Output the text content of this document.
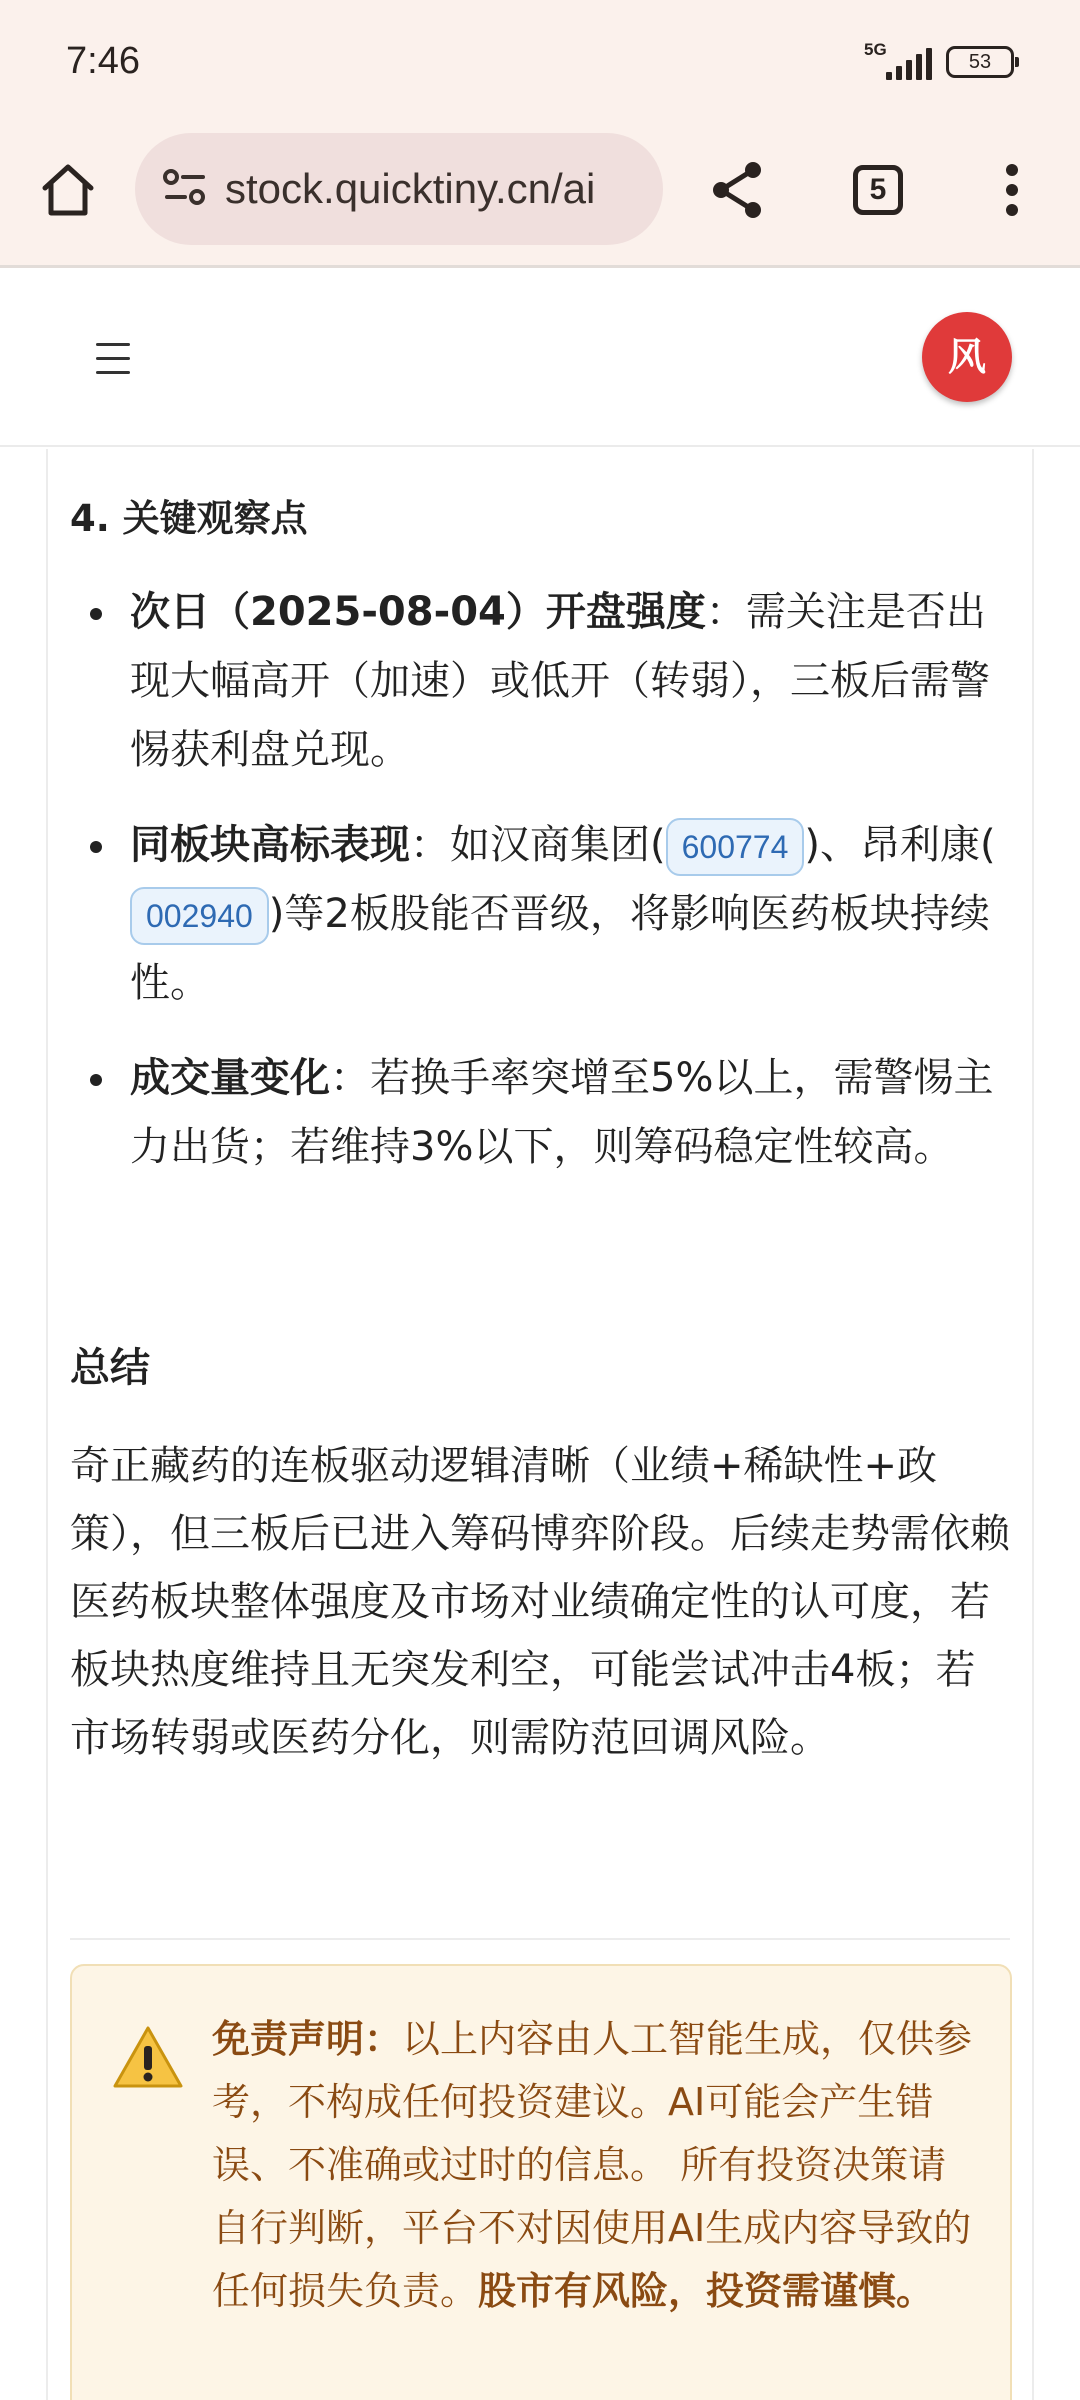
7:46	5G
53
stock.quicktiny.cn/ai	5
风
4. 关键观察点
次日（2025-08-04）开盘强度：需关注是否出现大幅高开（加速）或低开（转弱），三板后需警惕获利盘兑现。
同板块高标表现：如汉商集团( 600774 )、昂利康(002940 )等2板股能否晋级，将影响医药板块持续性。
成交量变化：若换手率突增至5%以上，需警惕主力出货；若维持3%以下，则筹码稳定性较高。
总结
奇正藏药的连板驱动逻辑清晰（业绩+稀缺性+政策），但三板后已进入筹码博弈阶段。后续走势需依赖医药板块整体强度及市场对业绩确定性的认可度，若板块热度维持且无突发利空，可能尝试冲击4板；若市场转弱或医药分化，则需防范回调风险。
免责声明：以上内容由人工智能生成，仅供参考，不构成任何投资建议。AI可能会产生错误、不准确或过时的信息。 所有投资决策请自行判断，平台不对因使用AI生成内容导致的任何损失负责。股市有风险，投资需谨慎。
